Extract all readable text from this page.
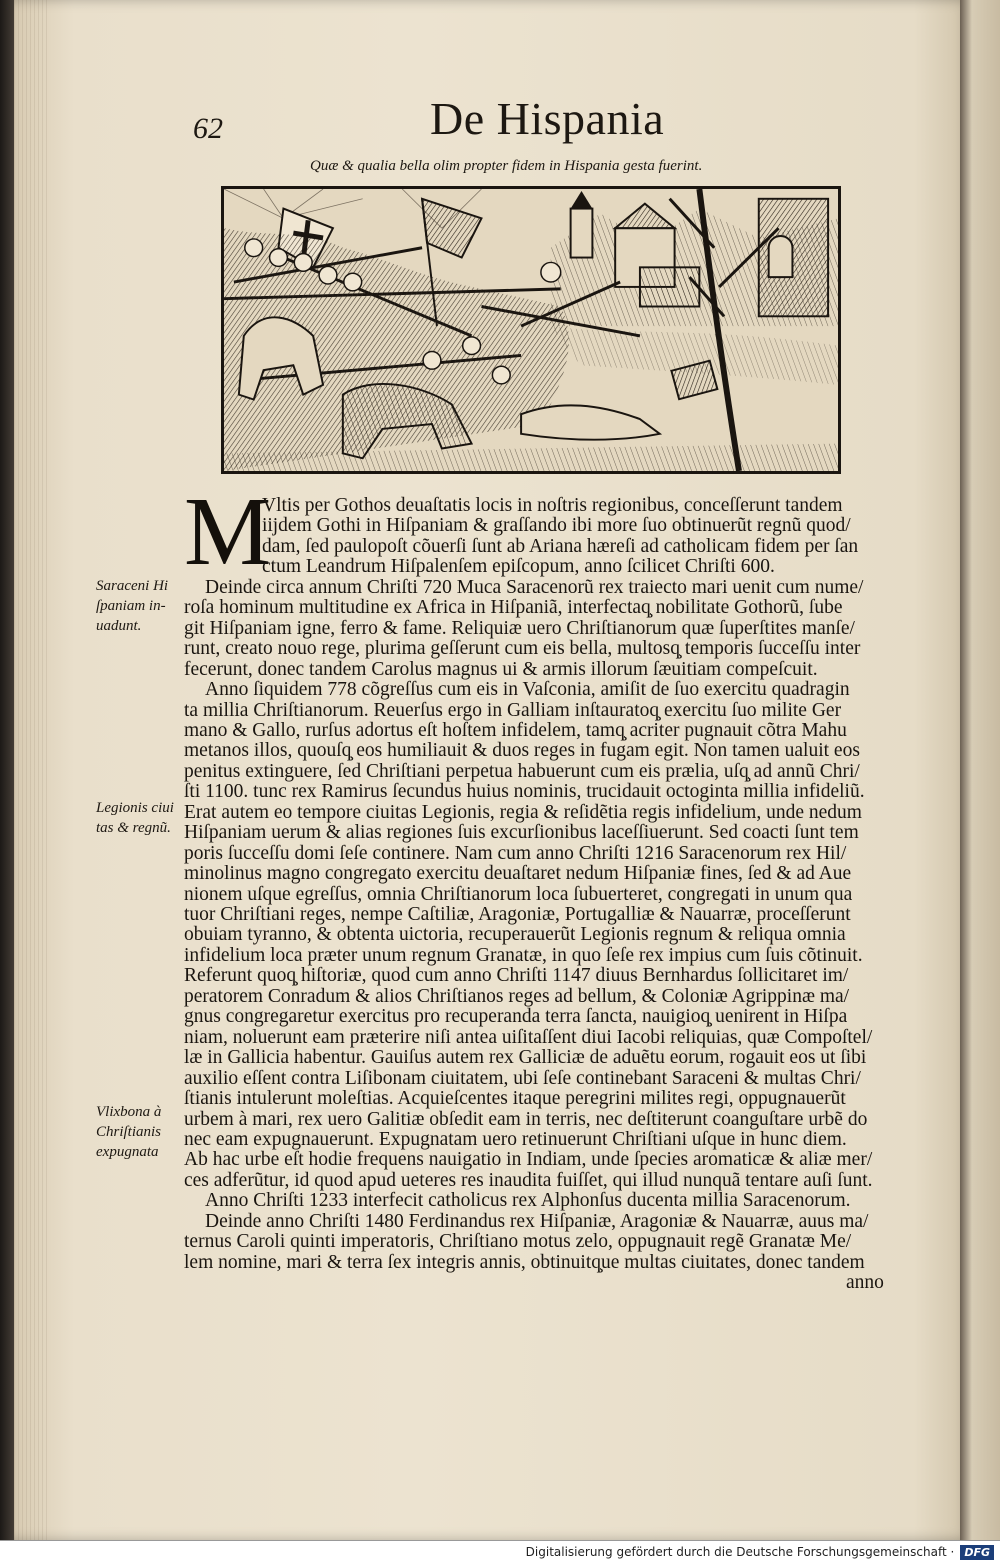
62	De Hispania
Quæ & qualia bella olim propter fidem in Hispania gesta fuerint.
Saraceni Hi
ſpaniam in-
uadunt.
Legionis ciui
tas & regnũ.
Vlixbona à
Chriſtianis
expugnata
M
Vltis per Gothos deuaſtatis locis in noſtris regionibus, conceſſerunt tandem
iĳdem Gothi in Hiſpaniam & graſſando ibi more ſuo obtinuerũt regnũ quod/
dam, ſed paulopoſt cõuerſi ſunt ab Ariana hæreſi ad catholicam fidem per ſan
ctum Leandrum Hiſpalenſem epiſcopum, anno ſcilicet Chriſti 600.
Deinde circa annum Chriſti 720 Muca Saracenorũ rex traiecto mari uenit cum nume/
roſa hominum multitudine ex Africa in Hiſpaniã, interfectaq̧ nobilitate Gothorũ, ſube
git Hiſpaniam igne, ferro & fame. Reliquiæ uero Chriſtianorum quæ ſuperſtites manſe/
runt, creato nouo rege, plurima geſſerunt cum eis bella, multosq̧ temporis ſucceſſu inter
fecerunt, donec tandem Carolus magnus ui & armis illorum ſæuitiam compeſcuit.
Anno ſiquidem 778 cõgreſſus cum eis in Vaſconia, amiſit de ſuo exercitu quadragin
ta millia Chriſtianorum. Reuerſus ergo in Galliam inſtauratoq̧ exercitu ſuo milite Ger
mano & Gallo, rurſus adortus eſt hoſtem infidelem, tamq̧ acriter pugnauit cõtra Mahu
metanos illos, quouſq̧ eos humiliauit & duos reges in fugam egit. Non tamen ualuit eos
penitus extinguere, ſed Chriſtiani perpetua habuerunt cum eis prælia, uſq̧ ad annũ Chri/
ſti 1100. tunc rex Ramirus ſecundus huius nominis, trucidauit octoginta millia infideliũ.
Erat autem eo tempore ciuitas Legionis, regia & reſidẽtia regis infidelium, unde nedum
Hiſpaniam uerum & alias regiones ſuis excurſionibus laceſſiuerunt. Sed coacti ſunt tem
poris ſucceſſu domi ſeſe continere. Nam cum anno Chriſti 1216 Saracenorum rex Hil/
minolinus magno congregato exercitu deuaſtaret nedum Hiſpaniæ fines, ſed & ad Aue
nionem uſque egreſſus, omnia Chriſtianorum loca ſubuerteret, congregati in unum qua
tuor Chriſtiani reges, nempe Caſtiliæ, Aragoniæ, Portugalliæ & Nauarræ, proceſſerunt
obuiam tyranno, & obtenta uictoria, recuperauerũt Legionis regnum & reliqua omnia
infidelium loca præter unum regnum Granatæ, in quo ſeſe rex impius cum ſuis cõtinuit.
Referunt quoq̧ hiſtoriæ, quod cum anno Chriſti 1147 diuus Bernhardus ſollicitaret im/
peratorem Conradum & alios Chriſtianos reges ad bellum, & Coloniæ Agrippinæ ma/
gnus congregaretur exercitus pro recuperanda terra ſancta, nauigioq̧ uenirent in Hiſpa
niam, noluerunt eam præterire niſi antea uiſitaſſent diui Iacobi reliquias, quæ Compoſtel/
læ in Gallicia habentur. Gauiſus autem rex Galliciæ de aduẽtu eorum, rogauit eos ut ſibi
auxilio eſſent contra Liſibonam ciuitatem, ubi ſeſe continebant Saraceni & multas Chri/
ſtianis intulerunt moleſtias. Acquieſcentes itaque peregrini milites regi, oppugnauerũt
urbem à mari, rex uero Galitiæ obſedit eam in terris, nec deſtiterunt coanguſtare urbẽ do
nec eam expugnauerunt. Expugnatam uero retinuerunt Chriſtiani uſque in hunc diem.
Ab hac urbe eſt hodie frequens nauigatio in Indiam, unde ſpecies aromaticæ & aliæ mer/
ces adferũtur, id quod apud ueteres res inaudita fuiſſet, qui illud nunquã tentare auſi ſunt.
Anno Chriſti 1233 interfecit catholicus rex Alphonſus ducenta millia Saracenorum.
Deinde anno Chriſti 1480 Ferdinandus rex Hiſpaniæ, Aragoniæ & Nauarræ, auus ma/
ternus Caroli quinti imperatoris, Chriſtiano motus zelo, oppugnauit regẽ Granatæ Me/
lem nomine, mari & terra ſex integris annis, obtinuitq̧ue multas ciuitates, donec tandem
anno
Digitalisierung gefördert durch die Deutsche Forschungsgemeinschaft · DFG
